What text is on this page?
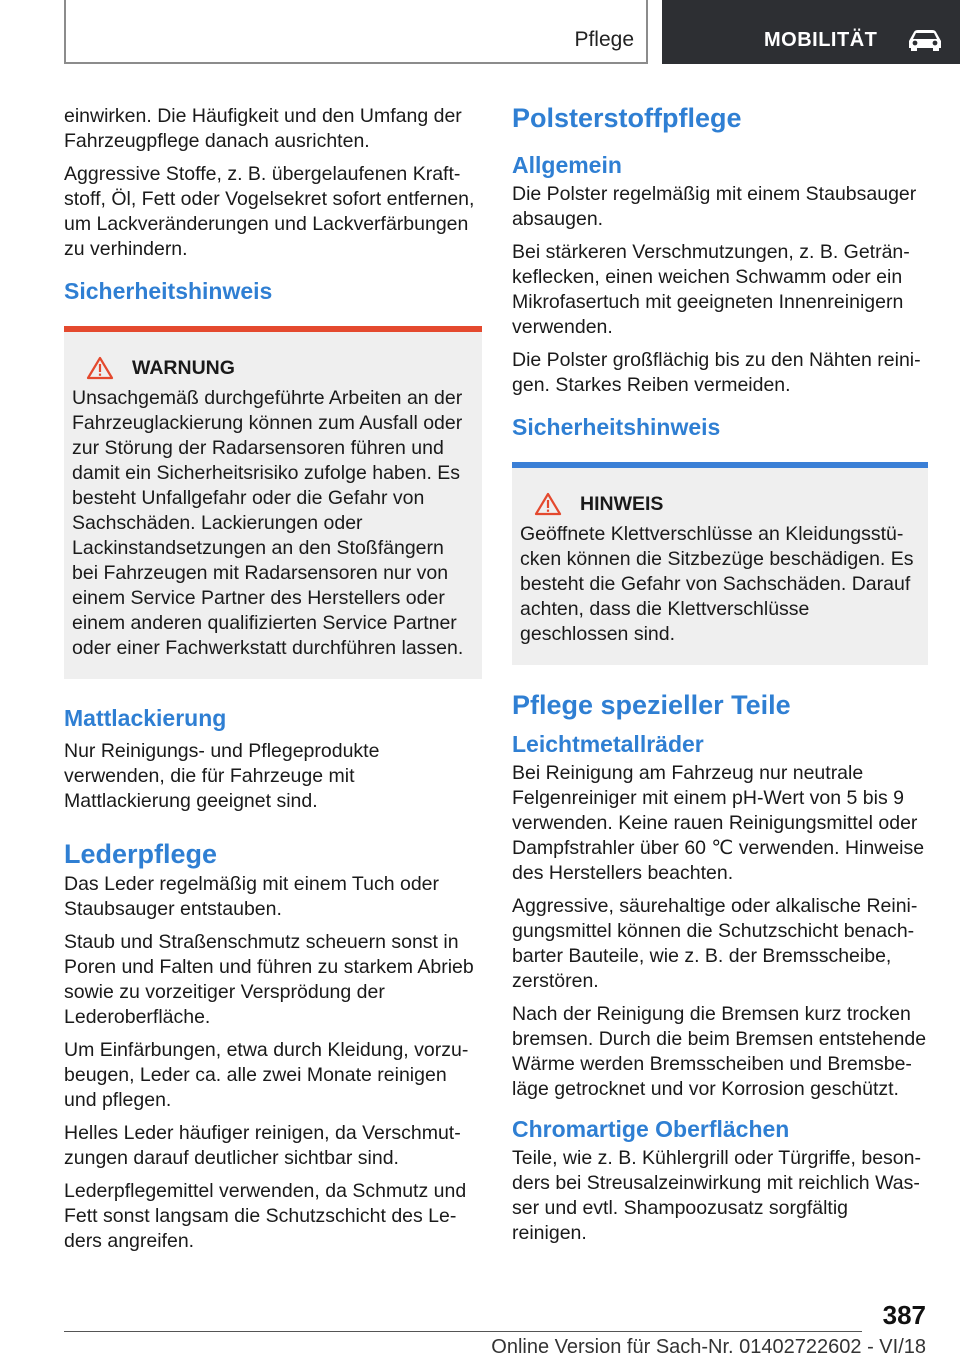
Pflege	MOBILITÄT

einwirken. Die Häufigkeit und den Umfang der Fahrzeugpflege danach ausrichten.

Aggressive Stoffe, z. B. übergelaufenen Kraftstoff, Öl, Fett oder Vogelsekret sofort entfernen, um Lackveränderungen und Lackverfärbungen zu verhindern.

Sicherheitshinweis
WARNUNG

Unsachgemäß durchgeführte Arbeiten an der Fahrzeuglackierung können zum Ausfall oder zur Störung der Radarsensoren führen und damit ein Sicherheitsrisiko zufolge haben. Es besteht Unfallgefahr oder die Gefahr von Sachschäden. Lackierungen oder Lackinstandsetzungen an den Stoßfängern bei Fahrzeugen mit Radarsensoren nur von einem Service Partner des Herstellers oder einem anderen qualifizierten Service Partner oder einer Fachwerkstatt durchführen lassen.

Mattlackierung

Nur Reinigungs- und Pflegeprodukte verwenden, die für Fahrzeuge mit Mattlackierung geeignet sind.

Lederpflege

Das Leder regelmäßig mit einem Tuch oder Staubsauger entstauben.

Staub und Straßenschmutz scheuern sonst in Poren und Falten und führen zu starkem Abrieb sowie zu vorzeitiger Versprödung der Lederoberfläche.

Um Einfärbungen, etwa durch Kleidung, vorzubeugen, Leder ca. alle zwei Monate reinigen und pflegen.

Helles Leder häufiger reinigen, da Verschmutzungen darauf deutlicher sichtbar sind.

Lederpflegemittel verwenden, da Schmutz und Fett sonst langsam die Schutzschicht des Leders angreifen.

Polsterstoffpflege
Allgemein

Die Polster regelmäßig mit einem Staubsauger absaugen.

Bei stärkeren Verschmutzungen, z. B. Getränkeflecken, einen weichen Schwamm oder ein Mikrofasertuch mit geeigneten Innenreinigern verwenden.

Die Polster großflächig bis zu den Nähten reinigen. Starkes Reiben vermeiden.

Sicherheitshinweis
HINWEIS

Geöffnete Klettverschlüsse an Kleidungsstücken können die Sitzbezüge beschädigen. Es besteht die Gefahr von Sachschäden. Darauf achten, dass die Klettverschlüsse geschlossen sind.

Pflege spezieller Teile
Leichtmetallräder

Bei Reinigung am Fahrzeug nur neutrale Felgenreiniger mit einem pH-Wert von 5 bis 9 verwenden. Keine rauen Reinigungsmittel oder Dampfstrahler über 60 ℃ verwenden. Hinweise des Herstellers beachten.

Aggressive, säurehaltige oder alkalische Reinigungsmittel können die Schutzschicht benachbarter Bauteile, wie z. B. der Bremsscheibe, zerstören.

Nach der Reinigung die Bremsen kurz trocken bremsen. Durch die beim Bremsen entstehende Wärme werden Bremsscheiben und Bremsbeläge getrocknet und vor Korrosion geschützt.

Chromartige Oberflächen

Teile, wie z. B. Kühlergrill oder Türgriffe, besonders bei Streusalzeinwirkung mit reichlich Wasser und evtl. Shampoozusatz sorgfältig reinigen.

387
Online Version für Sach-Nr. 01402722602 - VI/18
